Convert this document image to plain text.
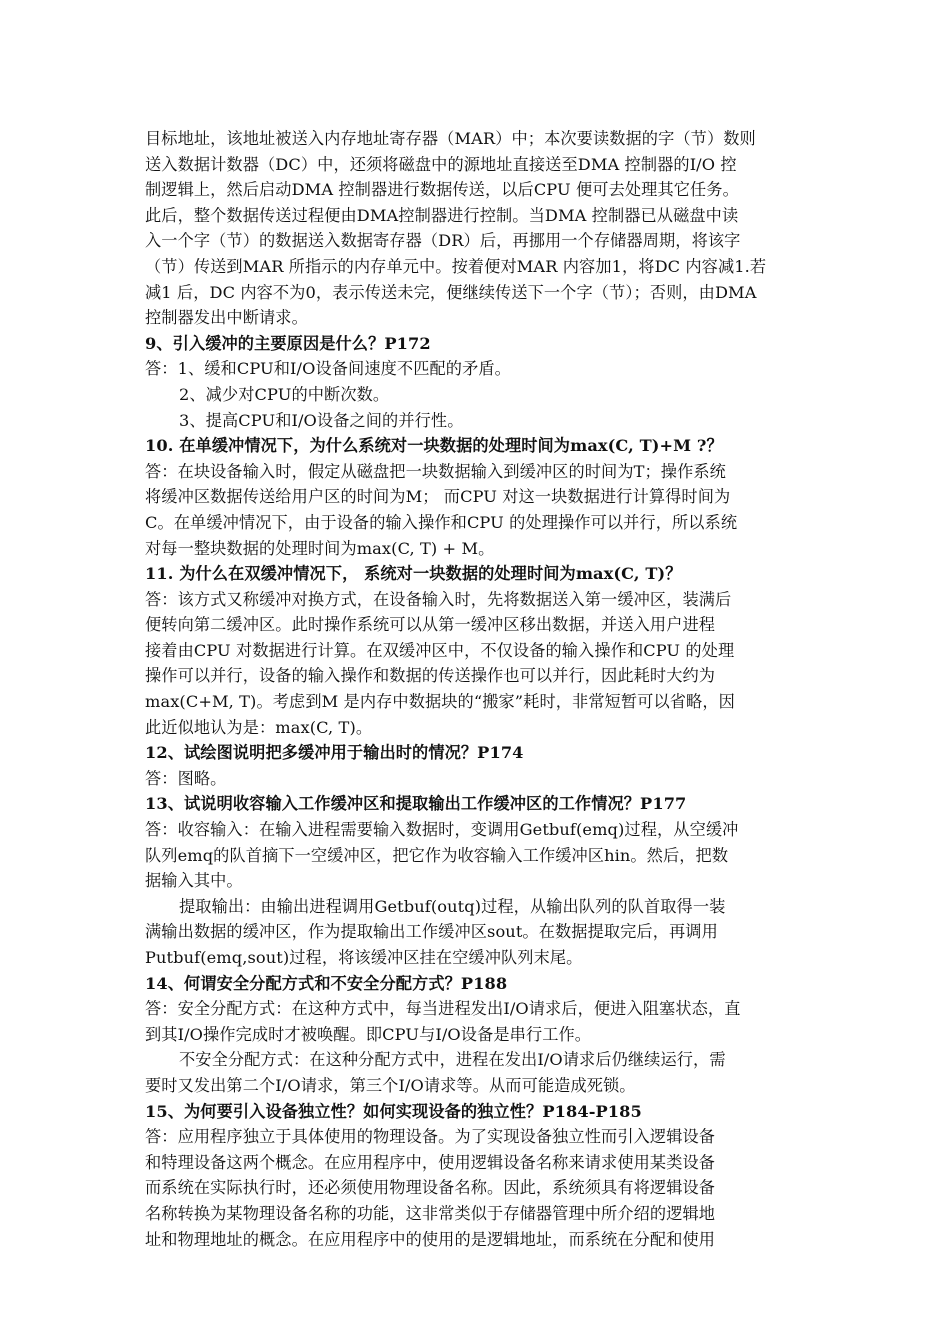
目标地址，该地址被送入内存地址寄存器（MAR）中；本次要读数据的字（节）数则
送入数据计数器（DC）中，还须将磁盘中的源地址直接送至DMA 控制器的I/O 控
制逻辑上，然后启动DMA 控制器进行数据传送，以后CPU 便可去处理其它任务。
此后，整个数据传送过程便由DMA控制器进行控制。当DMA 控制器已从磁盘中读
入一个字（节）的数据送入数据寄存器（DR）后，再挪用一个存储器周期，将该字
（节）传送到MAR 所指示的内存单元中。按着便对MAR 内容加1，将DC 内容减1.若
减1 后，DC 内容不为0，表示传送未完，便继续传送下一个字（节）；否则，由DMA
控制器发出中断请求。
9、引入缓冲的主要原因是什么？P172
答：1、缓和CPU和I/O设备间速度不匹配的矛盾。
2、减少对CPU的中断次数。
3、提高CPU和I/O设备之间的并行性。
10. 在单缓冲情况下，为什么系统对一块数据的处理时间为max(C, T)+M ?？
答：在块设备输入时，假定从磁盘把一块数据输入到缓冲区的时间为T；操作系统
将缓冲区数据传送给用户区的时间为M； 而CPU 对这一块数据进行计算得时间为
C。在单缓冲情况下，由于设备的输入操作和CPU 的处理操作可以并行，所以系统
对每一整块数据的处理时间为max(C, T) + M。
11. 为什么在双缓冲情况下， 系统对一块数据的处理时间为max(C, T)？
答：该方式又称缓冲对换方式，在设备输入时，先将数据送入第一缓冲区，装满后
便转向第二缓冲区。此时操作系统可以从第一缓冲区移出数据，并送入用户进程
接着由CPU 对数据进行计算。在双缓冲区中，不仅设备的输入操作和CPU 的处理
操作可以并行，设备的输入操作和数据的传送操作也可以并行，因此耗时大约为
max(C+M, T)。考虑到M 是内存中数据块的“搬家”耗时，非常短暂可以省略，因
此近似地认为是：max(C, T)。
12、试绘图说明把多缓冲用于输出时的情况？P174
答：图略。
13、试说明收容输入工作缓冲区和提取输出工作缓冲区的工作情况？P177
答：收容输入：在输入进程需要输入数据时，变调用Getbuf(emq)过程，从空缓冲
队列emq的队首摘下一空缓冲区，把它作为收容输入工作缓冲区hin。然后，把数
据输入其中。
提取输出：由输出进程调用Getbuf(outq)过程，从输出队列的队首取得一装
满输出数据的缓冲区，作为提取输出工作缓冲区sout。在数据提取完后，再调用
Putbuf(emq,sout)过程，将该缓冲区挂在空缓冲队列末尾。
14、何谓安全分配方式和不安全分配方式？P188
答：安全分配方式：在这种方式中，每当进程发出I/O请求后，便进入阻塞状态，直
到其I/O操作完成时才被唤醒。即CPU与I/O设备是串行工作。
不安全分配方式：在这种分配方式中，进程在发出I/O请求后仍继续运行，需
要时又发出第二个I/O请求，第三个I/O请求等。从而可能造成死锁。
15、为何要引入设备独立性？如何实现设备的独立性？P184-P185
答：应用程序独立于具体使用的物理设备。为了实现设备独立性而引入逻辑设备
和特理设备这两个概念。在应用程序中，使用逻辑设备名称来请求使用某类设备
而系统在实际执行时，还必须使用物理设备名称。因此，系统须具有将逻辑设备
名称转换为某物理设备名称的功能，这非常类似于存储器管理中所介绍的逻辑地
址和物理地址的概念。在应用程序中的使用的是逻辑地址，而系统在分配和使用
